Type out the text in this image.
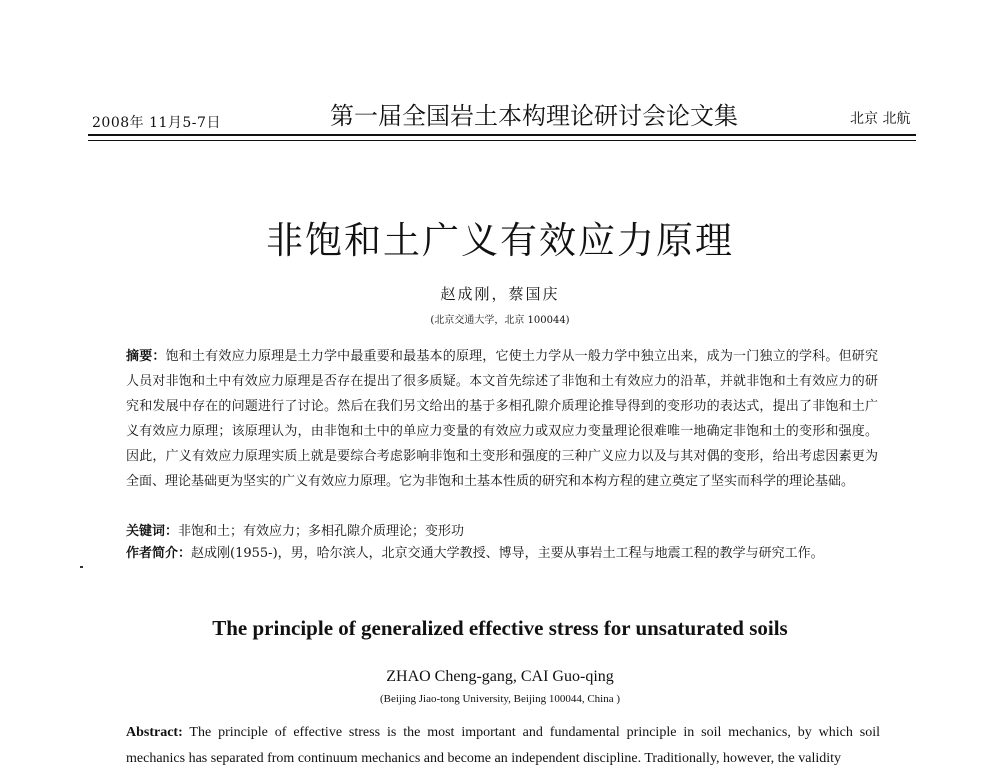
2008年 11月5-7日	第一届全国岩土本构理论研讨会论文集	北京 北航
非饱和土广义有效应力原理
赵成刚，蔡国庆
(北京交通大学，北京 100044)
摘要：饱和土有效应力原理是土力学中最重要和最基本的原理，它使土力学从一般力学中独立出来，成为一门独立的学科。但研究人员对非饱和土中有效应力原理是否存在提出了很多质疑。本文首先综述了非饱和土有效应力的沿革，并就非饱和土有效应力的研究和发展中存在的问题进行了讨论。然后在我们另文给出的基于多相孔隙介质理论推导得到的变形功的表达式，提出了非饱和土广义有效应力原理；该原理认为，由非饱和土中的单应力变量的有效应力或双应力变量理论很难唯一地确定非饱和土的变形和强度。因此，广义有效应力原理实质上就是要综合考虑影响非饱和土变形和强度的三种广义应力以及与其对偶的变形，给出考虑因素更为全面、理论基础更为坚实的广义有效应力原理。它为非饱和土基本性质的研究和本构方程的建立奠定了坚实而科学的理论基础。
关键词：非饱和土；有效应力；多相孔隙介质理论；变形功
作者简介：赵成刚(1955-)，男，哈尔滨人，北京交通大学教授、博导，主要从事岩土工程与地震工程的教学与研究工作。
The principle of generalized effective stress for unsaturated soils
ZHAO Cheng-gang, CAI Guo-qing
(Beijing Jiao-tong University, Beijing 100044, China )
Abstract: The principle of effective stress is the most important and fundamental principle in soil mechanics, by which soil mechanics has separated from continuum mechanics and become an independent discipline. Traditionally, however, the validity
